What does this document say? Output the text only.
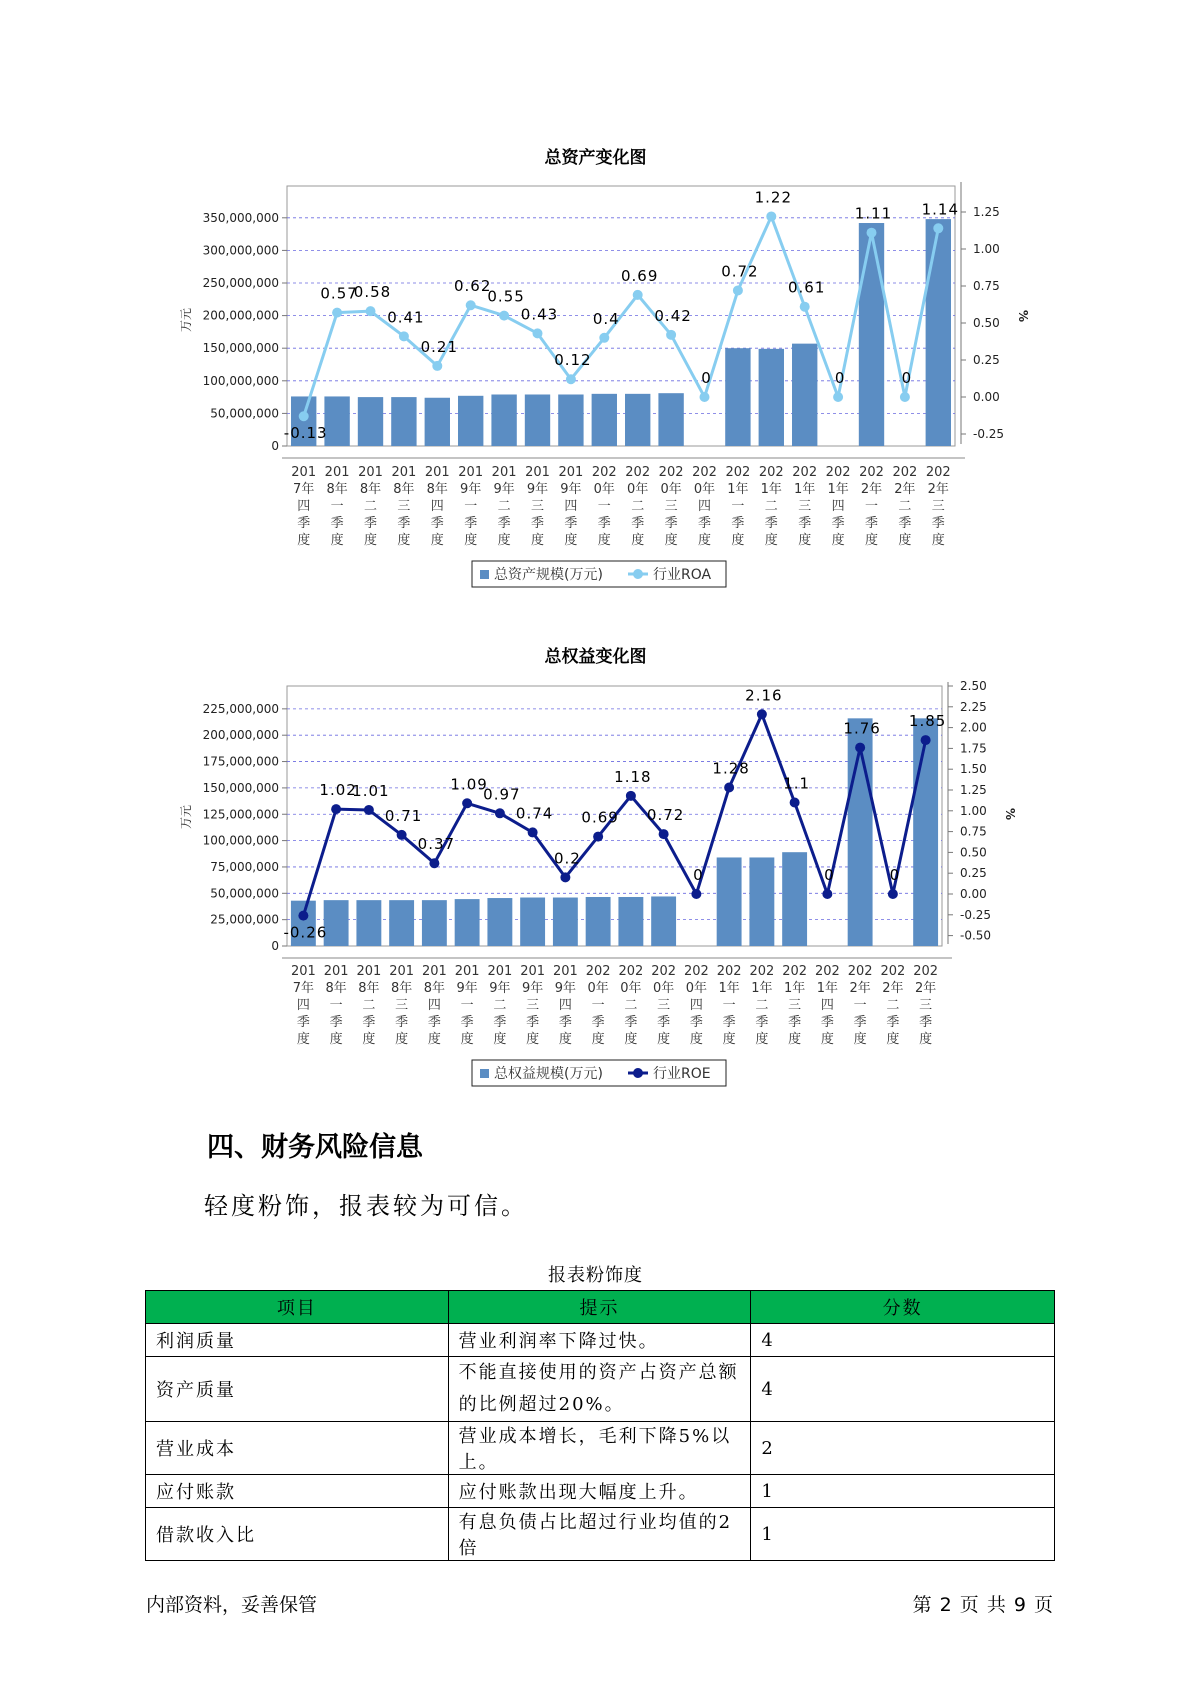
总资产变化图
350,000,000
300,000,000
250,000,000
200,000,000
150,000,000
100,000,000
50,000,000
0
1.25
1.00
0.75
0.50
0.25
0.00
-0.25
万元	%
-0.13
0.57
0.58
0.41
0.21
0.62
0.55
0.43
0.12
0.4
0.69
0.42
0
0.72
1.22
0.61
0
1.11
0
1.14
201
7年
四
季
度
201
8年
一
季
度
201
8年
二
季
度
201
8年
三
季
度
201
8年
四
季
度
201
9年
一
季
度
201
9年
二
季
度
201
9年
三
季
度
201
9年
四
季
度
202
0年
一
季
度
202
0年
二
季
度
202
0年
三
季
度
202
0年
四
季
度
202
1年
一
季
度
202
1年
二
季
度
202
1年
三
季
度
202
1年
四
季
度
202
2年
一
季
度
202
2年
二
季
度
202
2年
三
季
度
总资产规模(万元)	行业ROA
总权益变化图
225,000,000
200,000,000
175,000,000
150,000,000
125,000,000
100,000,000
75,000,000
50,000,000
25,000,000
0
2.50
2.25
2.00
1.75
1.50
1.25
1.00
0.75
0.50
0.25
0.00
-0.25
-0.50
万元	%
-0.26
1.02
1.01
0.71
0.37
1.09
0.97
0.74
0.2
0.69
1.18
0.72
0
1.28
2.16
1.1
0
1.76
0
1.85
201
7年
四
季
度
201
8年
一
季
度
201
8年
二
季
度
201
8年
三
季
度
201
8年
四
季
度
201
9年
一
季
度
201
9年
二
季
度
201
9年
三
季
度
201
9年
四
季
度
202
0年
一
季
度
202
0年
二
季
度
202
0年
三
季
度
202
0年
四
季
度
202
1年
一
季
度
202
1年
二
季
度
202
1年
三
季
度
202
1年
四
季
度
202
2年
一
季
度
202
2年
二
季
度
202
2年
三
季
度
总权益规模(万元)	行业ROE
四、财务风险信息
轻度粉饰，报表较为可信。
报表粉饰度
项目	提示	分数
利润质量	营业利润率下降过快。	4
资产质量	不能直接使用的资产占资产总额的比例超过20%。	4
营业成本	营业成本增长，毛利下降5%以上。	2
应付账款	应付账款出现大幅度上升。	1
借款收入比	有息负债占比超过行业均值的2倍	1
内部资料，妥善保管	第 2 页 共 9 页
